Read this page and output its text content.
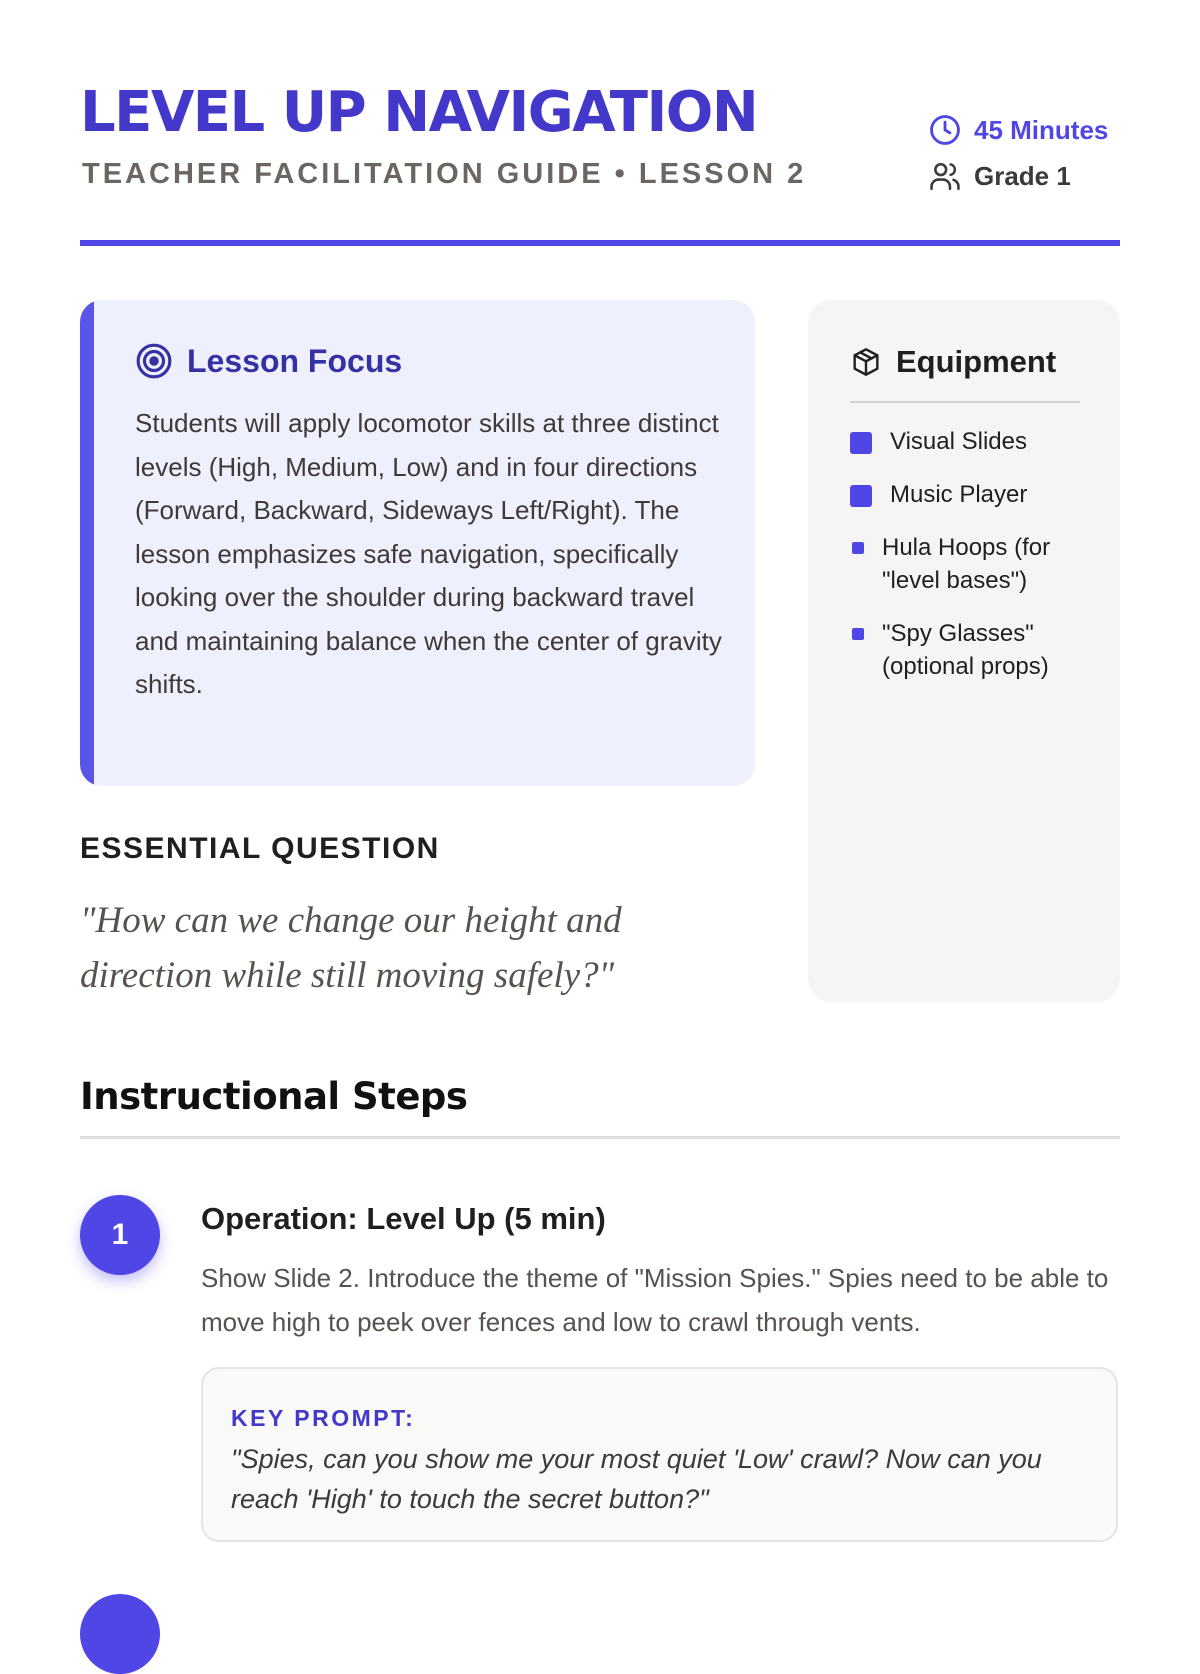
LEVEL UP NAVIGATION

TEACHER FACILITATION GUIDE • LESSON 2

45 Minutes
Grade 1
Lesson Focus

Students will apply locomotor skills at three distinct levels (High, Medium, Low) and in four directions (Forward, Backward, Sideways Left/Right). The lesson emphasizes safe navigation, specifically looking over the shoulder during backward travel and maintaining balance when the center of gravity shifts.

ESSENTIAL QUESTION

"How can we change our height and direction while still moving safely?"

Equipment
Visual Slides
Music Player
Hula Hoops (for "level bases")
"Spy Glasses" (optional props)
Instructional Steps
1	Operation: Level Up (5 min)

Show Slide 2. Introduce the theme of "Mission Spies." Spies need to be able to move high to peek over fences and low to crawl through vents.

KEY PROMPT:

"Spies, can you show me your most quiet 'Low' crawl? Now can you reach 'High' to touch the secret button?"
